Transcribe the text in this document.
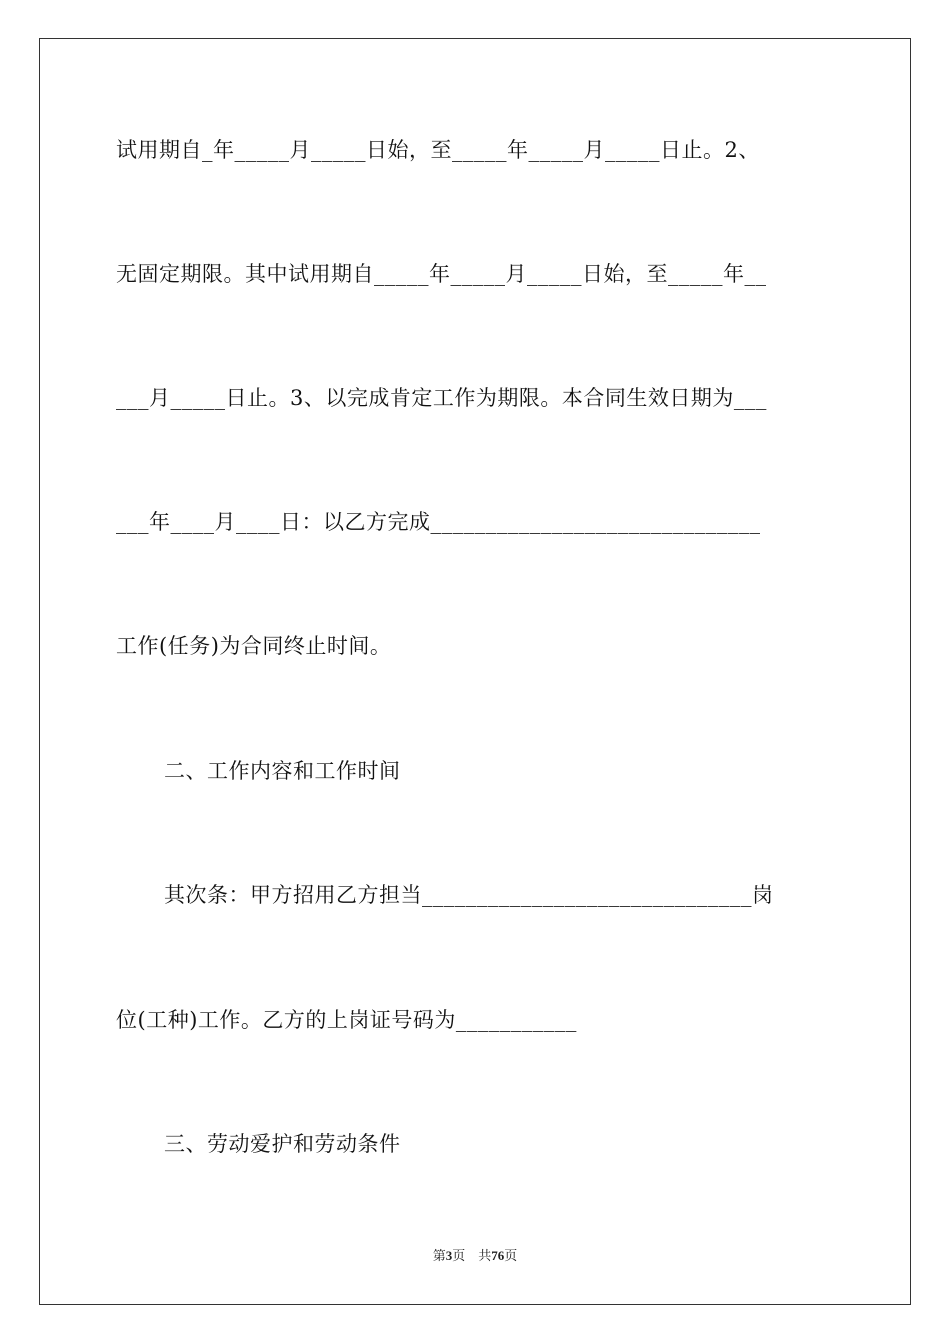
试用期自_年_____月_____日始，至_____年_____月_____日止。2、
无固定期限。其中试用期自_____年_____月_____日始，至_____年__
___月_____日止。3、以完成肯定工作为期限。本合同生效日期为___
___年____月____日：以乙方完成______________________________
工作(任务)为合同终止时间。
二、工作内容和工作时间
其次条：甲方招用乙方担当______________________________岗
位(工种)工作。乙方的上岗证号码为___________
三、劳动爱护和劳动条件
第3页 共76页
